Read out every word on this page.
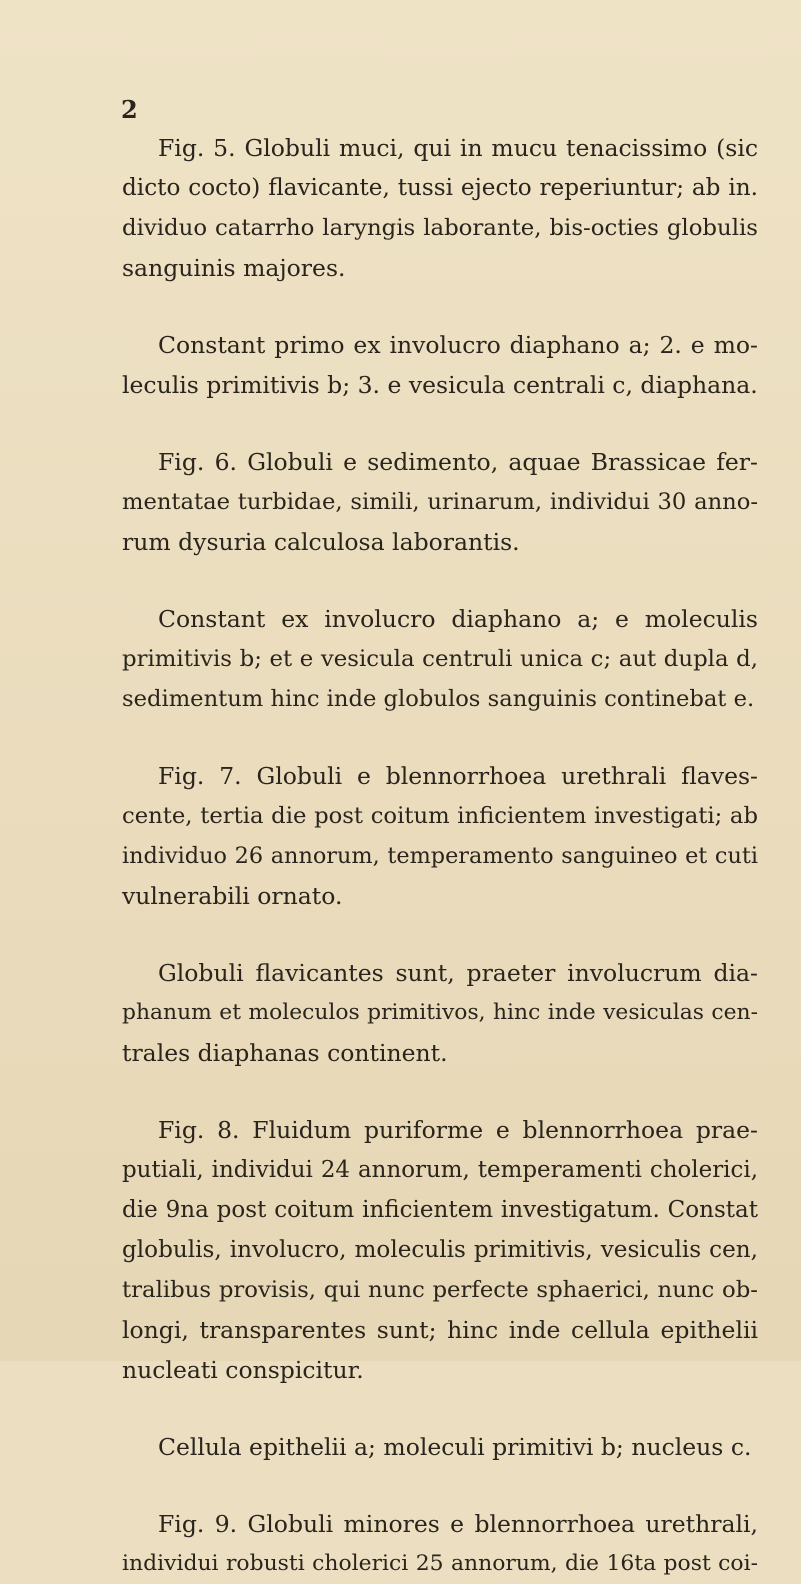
2

Fig. 5. Globuli muci, qui in mucu tenacissimo (sic
dicto cocto) flavicante, tussi ejecto reperiuntur; ab in.
dividuo catarrho laryngis laborante, bis-octies globulis
sanguinis majores.

Constant primo ex involucro diaphano a; 2. e mo-
leculis primitivis b; 3. e vesicula centrali c, diaphana.

Fig. 6. Globuli e sedimento, aquae Brassicae fer-
mentatae turbidae, simili, urinarum, individui 30 anno-
rum dysuria calculosa laborantis.

Constant ex involucro diaphano a; e moleculis
primitivis b; et e vesicula centruli unica c; aut dupla d,
sedimentum hinc inde globulos sanguinis continebat e.

Fig. 7. Globuli e blennorrhoea urethrali flaves-
cente, tertia die post coitum inficientem investigati; ab
individuo 26 annorum, temperamento sanguineo et cuti
vulnerabili ornato.

Globuli flavicantes sunt, praeter involucrum dia-
phanum et moleculos primitivos, hinc inde vesiculas cen-
trales diaphanas continent.

Fig. 8. Fluidum puriforme e blennorrhoea prae-
putiali, individui 24 annorum, temperamenti cholerici,
die 9na post coitum inficientem investigatum. Constat
globulis, involucro, moleculis primitivis, vesiculis cen,
tralibus provisis, qui nunc perfecte sphaerici, nunc ob-
longi, transparentes sunt; hinc inde cellula epithelii
nucleati conspicitur.

Cellula epithelii a; moleculi primitivi b; nucleus c.

Fig. 9. Globuli minores e blennorrhoea urethrali,
individui robusti cholerici 25 annorum, die 16ta post coi-
